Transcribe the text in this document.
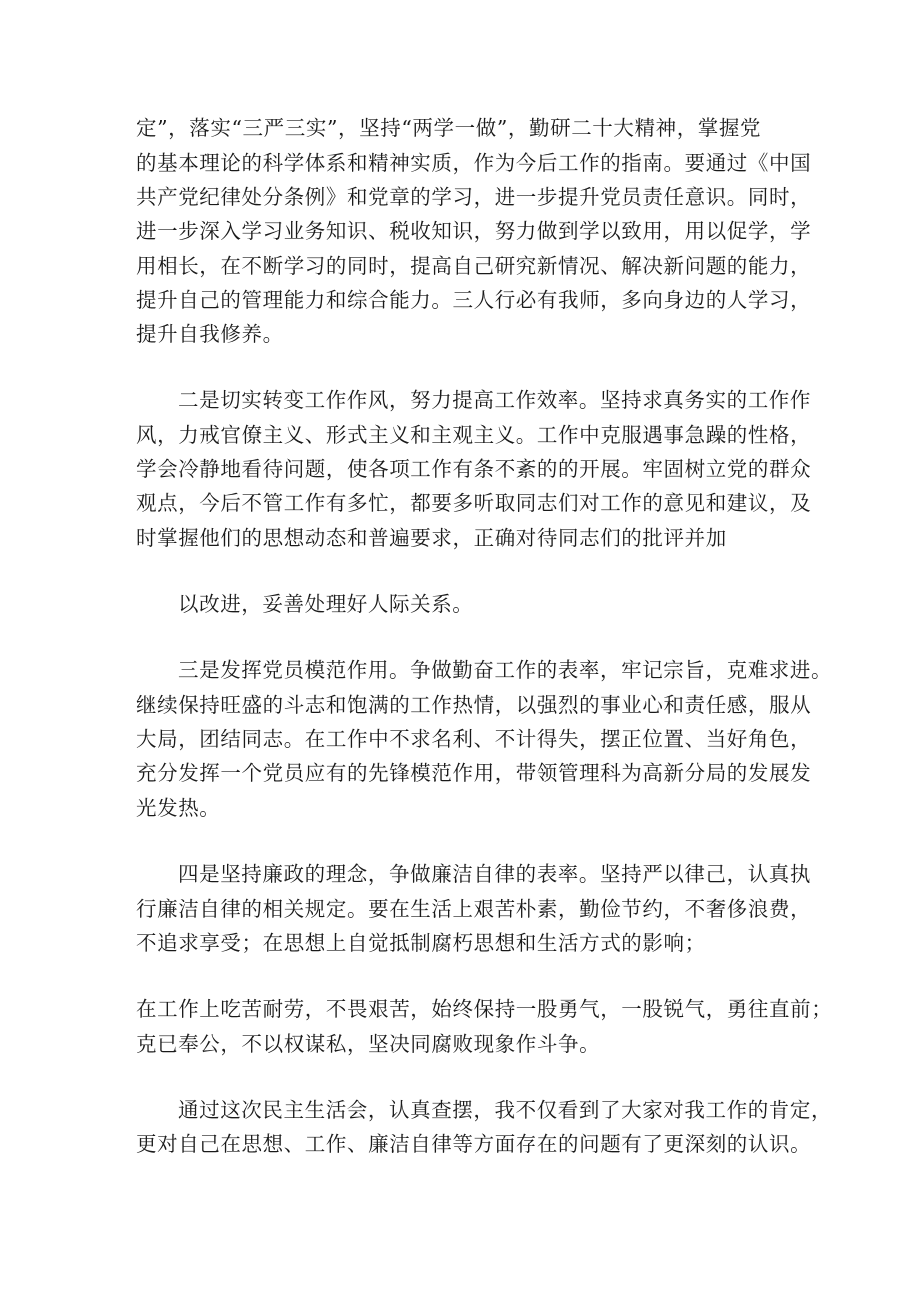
定”，落实“三严三实”，坚持“两学一做”，勤研二十大精神，掌握党
的基本理论的科学体系和精神实质，作为今后工作的指南。要通过《中国
共产党纪律处分条例》和党章的学习，进一步提升党员责任意识。同时，
进一步深入学习业务知识、税收知识，努力做到学以致用，用以促学，学
用相长，在不断学习的同时，提高自己研究新情况、解决新问题的能力，
提升自己的管理能力和综合能力。三人行必有我师，多向身边的人学习，
提升自我修养。
二是切实转变工作作风，努力提高工作效率。坚持求真务实的工作作
风，力戒官僚主义、形式主义和主观主义。工作中克服遇事急躁的性格，
学会冷静地看待问题，使各项工作有条不紊的的开展。牢固树立党的群众
观点，今后不管工作有多忙，都要多听取同志们对工作的意见和建议，及
时掌握他们的思想动态和普遍要求，正确对待同志们的批评并加
以改进，妥善处理好人际关系。
三是发挥党员模范作用。争做勤奋工作的表率，牢记宗旨，克难求进。
继续保持旺盛的斗志和饱满的工作热情，以强烈的事业心和责任感，服从
大局，团结同志。在工作中不求名利、不计得失，摆正位置、当好角色，
充分发挥一个党员应有的先锋模范作用，带领管理科为高新分局的发展发
光发热。
四是坚持廉政的理念，争做廉洁自律的表率。坚持严以律己，认真执
行廉洁自律的相关规定。要在生活上艰苦朴素，勤俭节约，不奢侈浪费，
不追求享受；在思想上自觉抵制腐朽思想和生活方式的影响；
在工作上吃苦耐劳，不畏艰苦，始终保持一股勇气，一股锐气，勇往直前；
克已奉公，不以权谋私，坚决同腐败现象作斗争。
通过这次民主生活会，认真查摆，我不仅看到了大家对我工作的肯定，
更对自己在思想、工作、廉洁自律等方面存在的问题有了更深刻的认识。
